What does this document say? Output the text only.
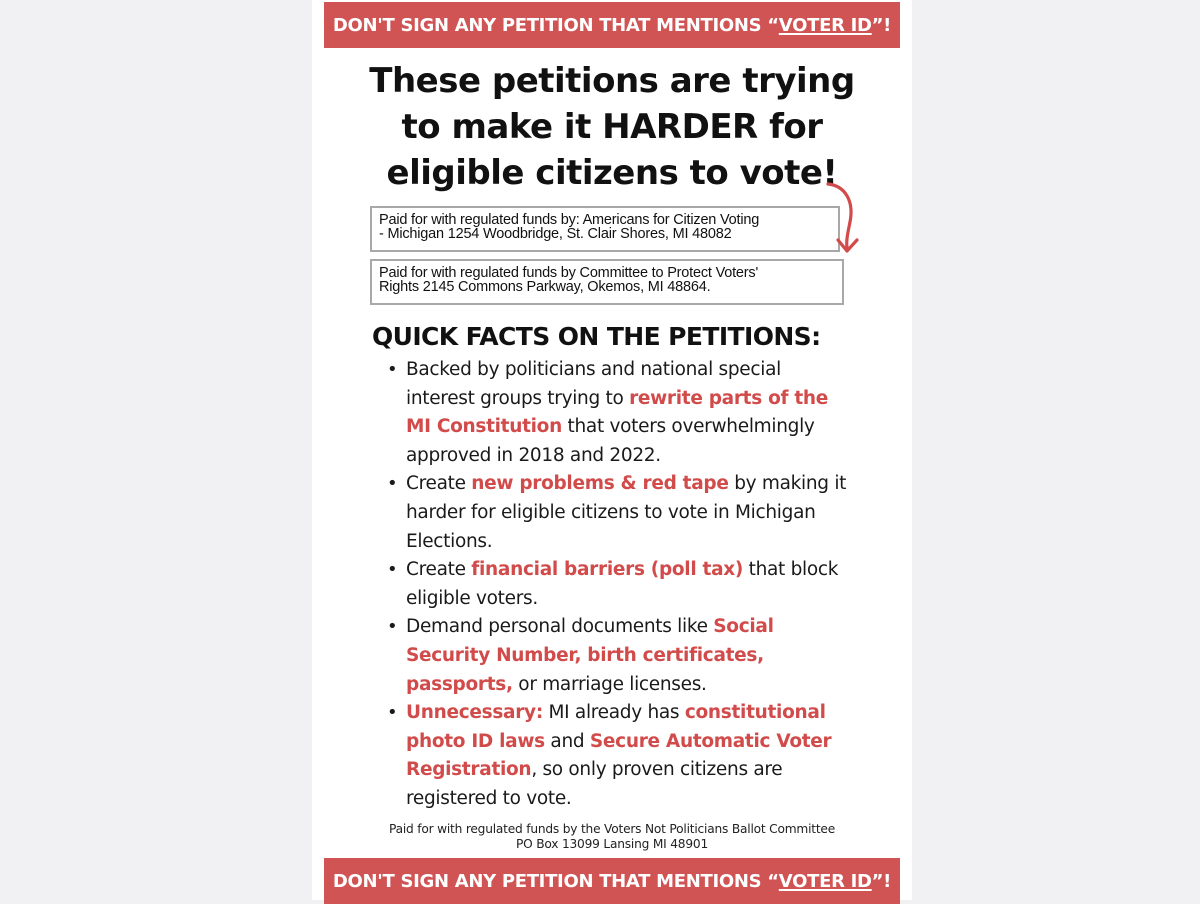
DON'T SIGN ANY PETITION THAT MENTIONS “ VOTER ID ”!
These petitions are trying
to make it HARDER for
eligible citizens to vote!
Paid for with regulated funds by: Americans for Citizen Voting
- Michigan 1254 Woodbridge, St. Clair Shores, MI 48082
Paid for with regulated funds by Committee to Protect Voters'
Rights 2145 Commons Parkway, Okemos, MI 48864.
QUICK FACTS ON THE PETITIONS:
• Backed by politicians and national special
interest groups trying to rewrite parts of the
MI Constitution that voters overwhelmingly
approved in 2018 and 2022.
• Create new problems & red tape by making it
harder for eligible citizens to vote in Michigan
Elections.
• Create financial barriers (poll tax) that block
eligible voters.
• Demand personal documents like Social
Security Number, birth certificates,
passports, or marriage licenses.
• Unnecessary: MI already has constitutional
photo ID laws and Secure Automatic Voter
Registration, so only proven citizens are
registered to vote.
Paid for with regulated funds by the Voters Not Politicians Ballot Committee
PO Box 13099 Lansing MI 48901
DON'T SIGN ANY PETITION THAT MENTIONS “ VOTER ID ”!
